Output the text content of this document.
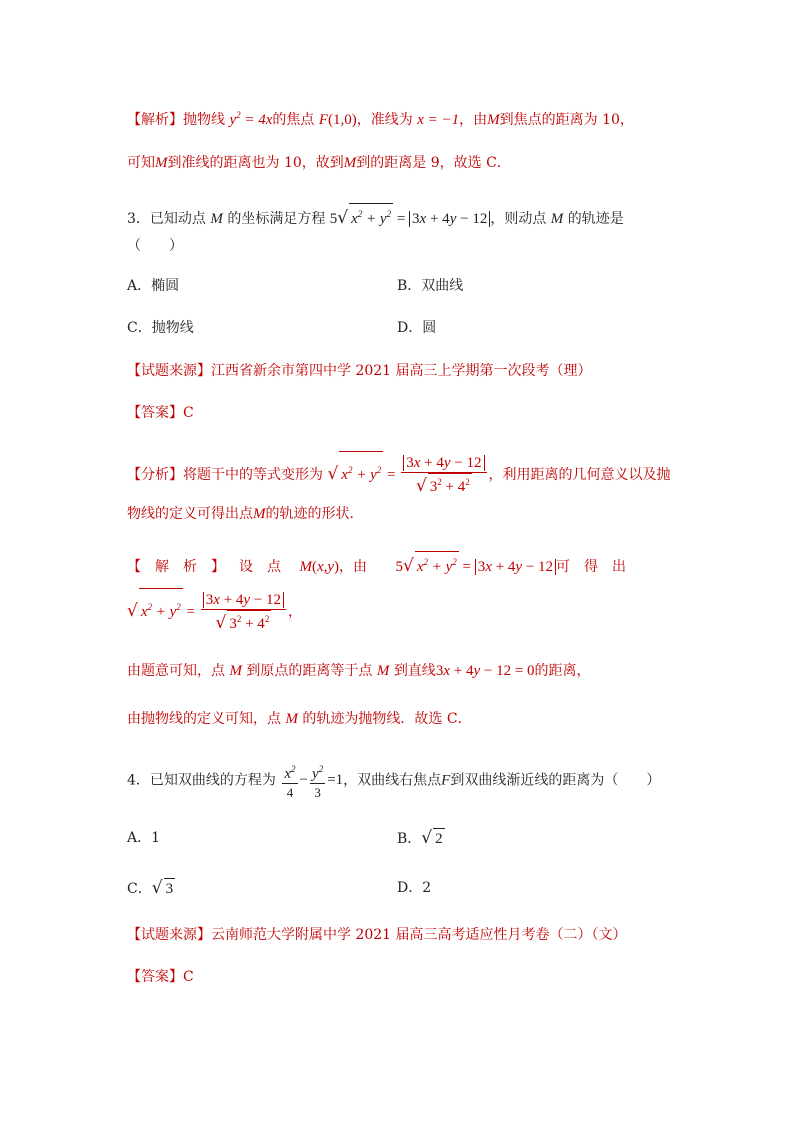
【解析】抛物线 $y^2 = 4x$的焦点 F(1,0)，准线为 x = −1，由M到焦点的距离为 10，
可知M到准线的距离也为 10，故到M到的距离是 9，故选 C．
3．已知动点 M 的坐标满足方程 5√ $x^2 + y^2 = 3x + 4y - 12$ ，则动点 M 的轨迹是
（　　）
A．椭圆	B．双曲线
C．抛物线	D．圆
【试题来源】江西省新余市第四中学 2021 届高三上学期第一次段考（理）
【答案】C
【分析】将题干中的等式变形为 √ $x^2 + y^2 = \frac{3x + 4y - 12}{√ 3^2 + 4^2}$ ，利用距离的几何意义以及抛
物线的定义可得出点M的轨迹的形状．
【解析】设点 M(x,y)，由 5√ $x^2 + y^2 = 3x + 4y - 12$ 可得出
√ $x^2 + y^2 = \frac{3x + 4y - 12}{√ 3^2 + 4^2}$ ，
由题意可知，点 M 到原点的距离等于点 M 到直线3x + 4y − 12 = 0的距离，
由抛物线的定义可知，点 M 的轨迹为抛物线．故选 C．
4．已知双曲线的方程为 $\frac{x^2}{4} - \frac{y^2}{3} =1$，双曲线右焦点F到双曲线渐近线的距离为（　　）
A．1	B．√ 2
C．√ 3	D．2
【试题来源】云南师范大学附属中学 2021 届高三高考适应性月考卷（二）（文）
【答案】C
